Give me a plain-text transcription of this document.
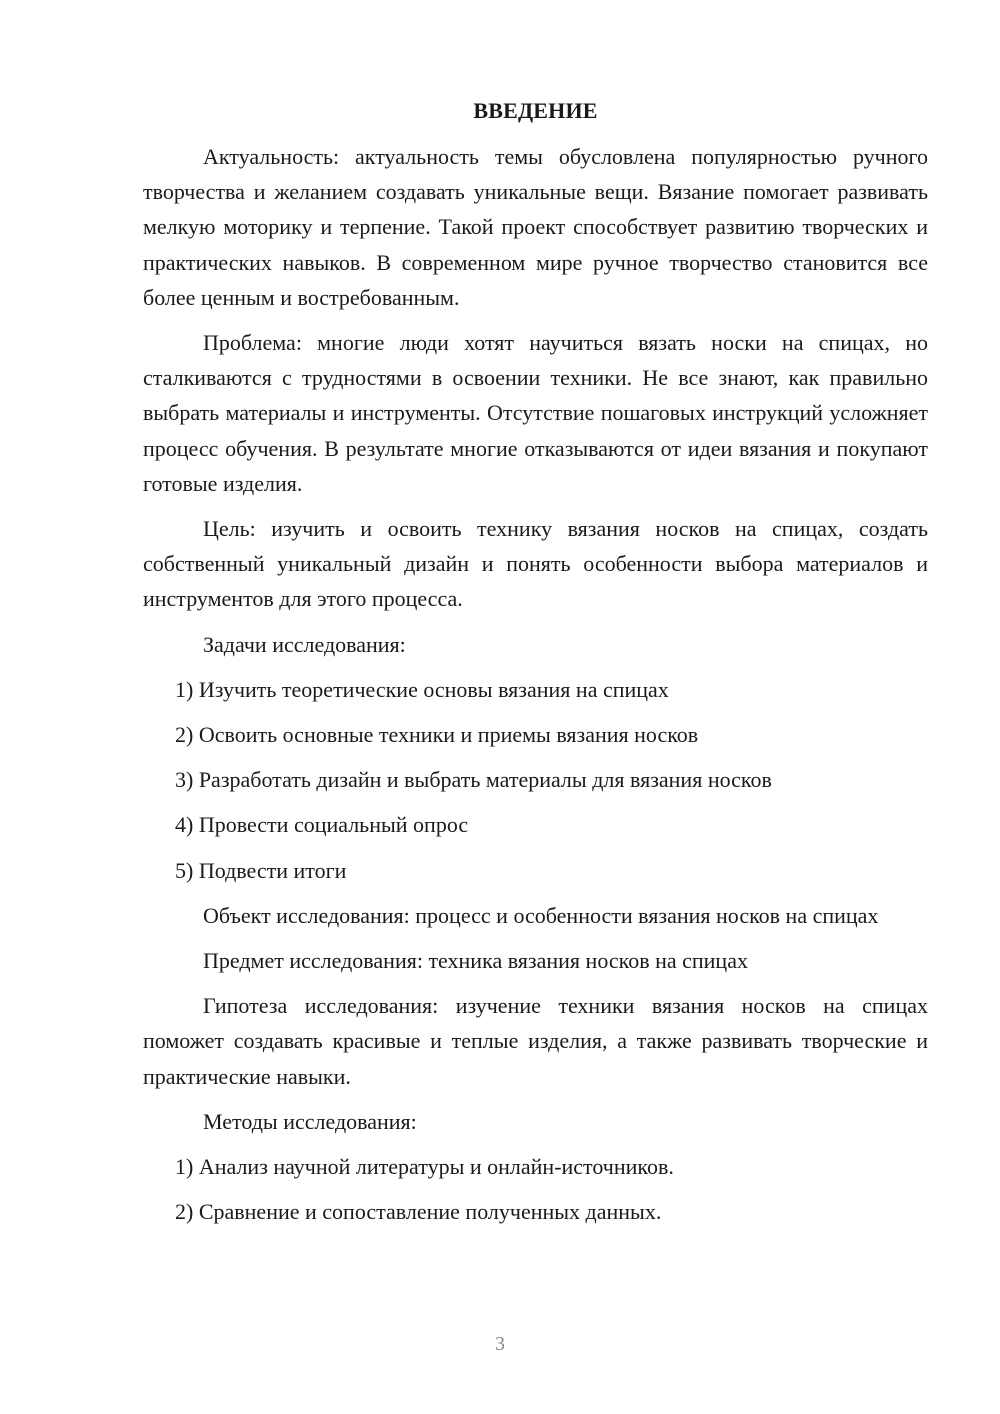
ВВЕДЕНИЕ

Актуальность: актуальность темы обусловлена популярностью ручного творчества и желанием создавать уникальные вещи. Вязание помогает развивать мелкую моторику и терпение. Такой проект способствует развитию творческих и практических навыков. В современном мире ручное творчество становится все более ценным и востребованным.

Проблема: многие люди хотят научиться вязать носки на спицах, но сталкиваются с трудностями в освоении техники. Не все знают, как правильно выбрать материалы и инструменты. Отсутствие пошаговых инструкций усложняет процесс обучения. В результате многие отказываются от идеи вязания и покупают готовые изделия.

Цель: изучить и освоить технику вязания носков на спицах, создать собственный уникальный дизайн и понять особенности выбора материалов и инструментов для этого процесса.

Задачи исследования:

1) Изучить теоретические основы вязания на спицах
2) Освоить основные техники и приемы вязания носков
3) Разработать дизайн и выбрать материалы для вязания носков
4) Провести социальный опрос
5) Подвести итоги

Объект исследования: процесс и особенности вязания носков на спицах

Предмет исследования: техника вязания носков на спицах

Гипотеза исследования: изучение техники вязания носков на спицах поможет создавать красивые и теплые изделия, а также развивать творческие и практические навыки.

Методы исследования:

1) Анализ научной литературы и онлайн-источников.
2) Сравнение и сопоставление полученных данных.
3
